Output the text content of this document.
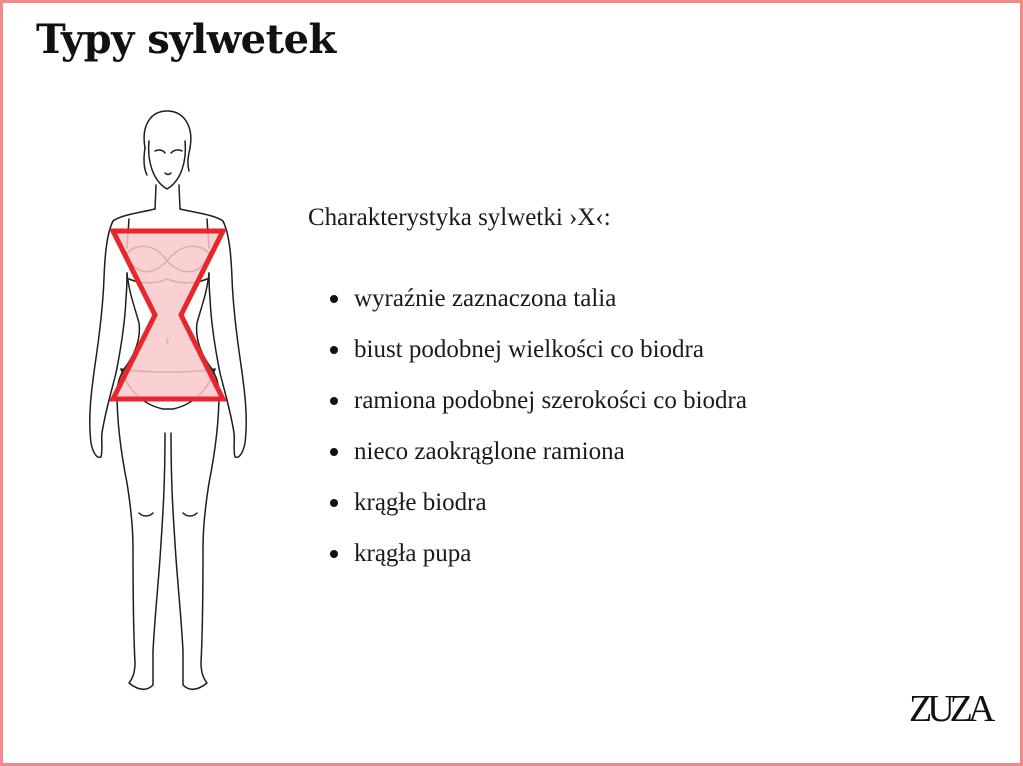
Typy sylwetek
Charakterystyka sylwetki ›X‹:
wyraźnie zaznaczona talia
biust podobnej wielkości co biodra
ramiona podobnej szerokości co biodra
nieco zaokrąglone ramiona
krągłe biodra
krągła pupa
ZUZA
